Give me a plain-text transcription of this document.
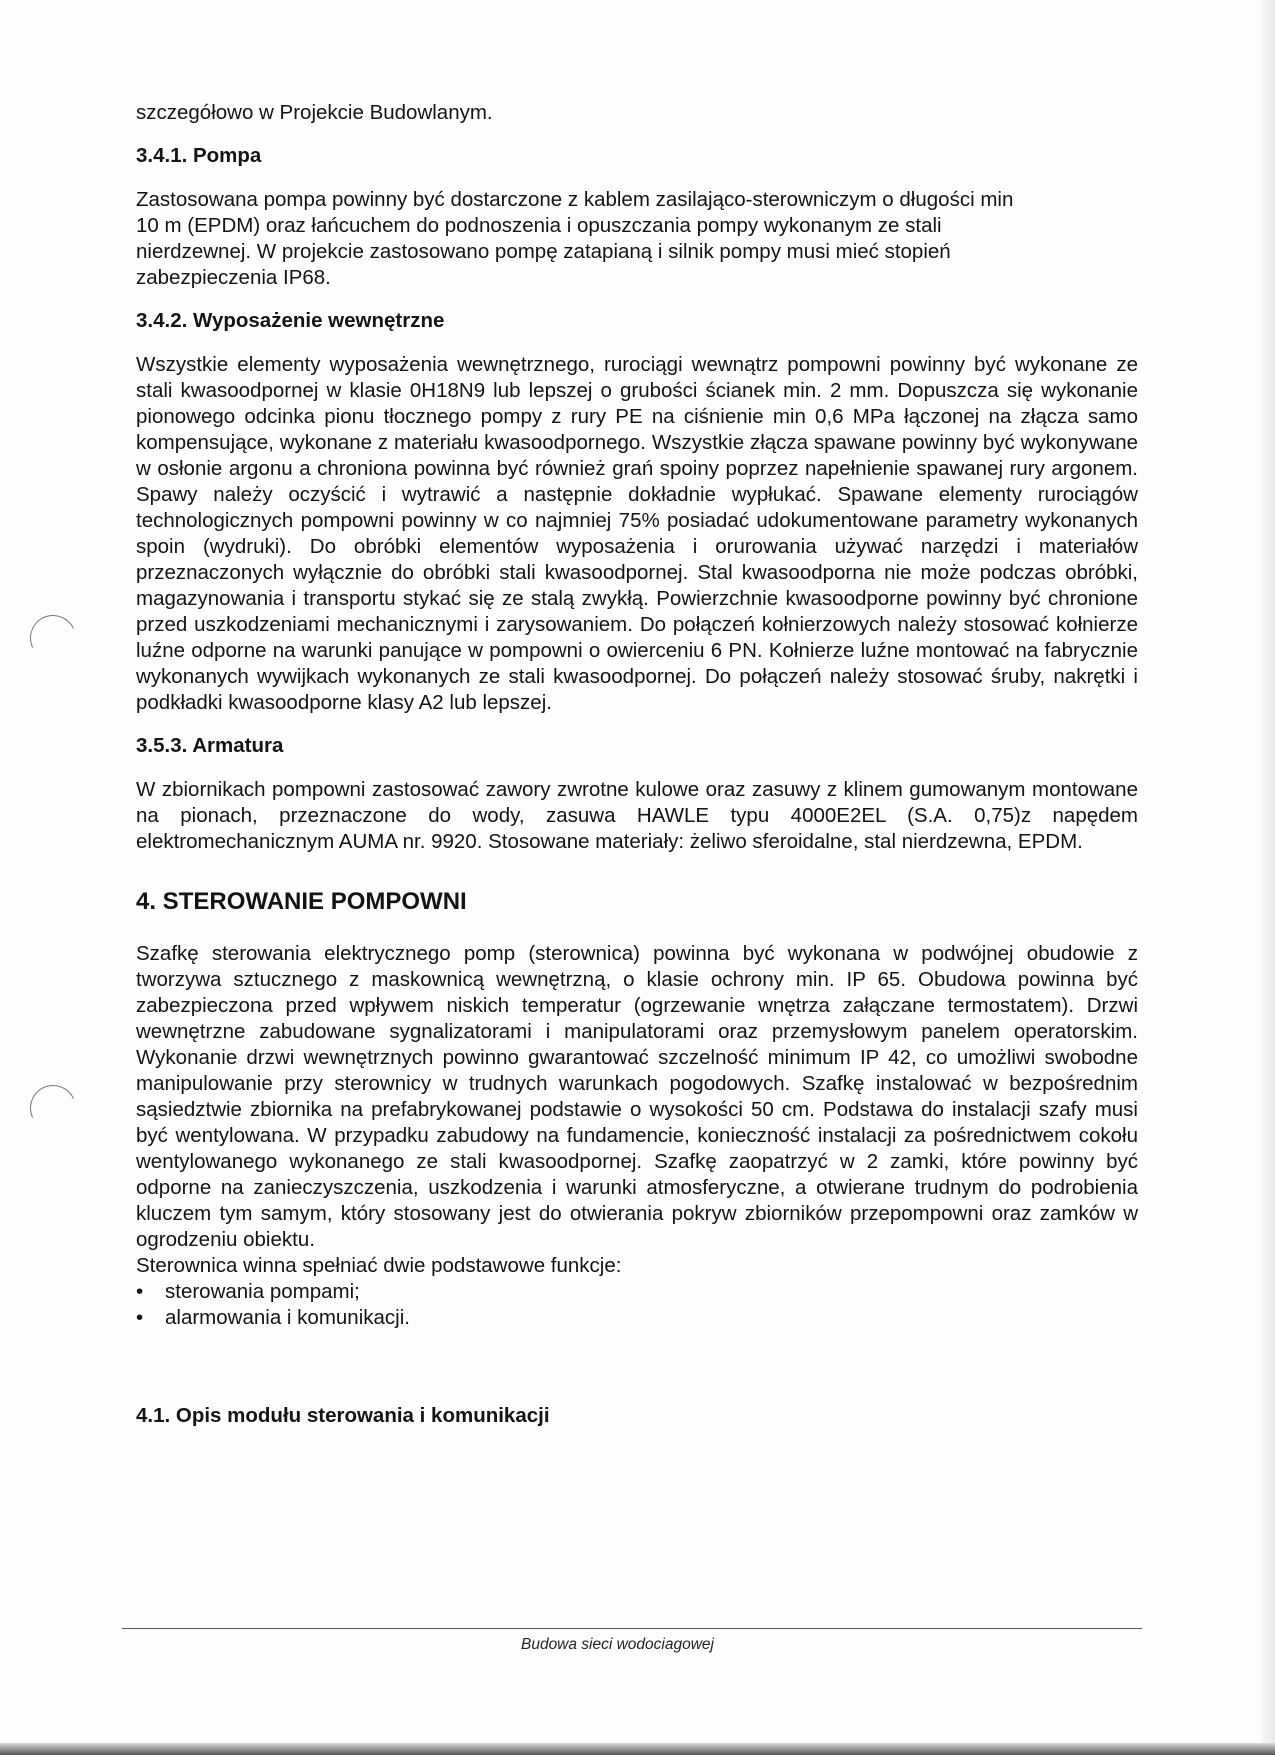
szczegółowo w Projekcie Budowlanym.

3.4.1. Pompa

Zastosowana pompa powinny być dostarczone z kablem zasilająco-sterowniczym o długości min

10 m (EPDM) oraz łańcuchem do podnoszenia i opuszczania pompy wykonanym ze stali

nierdzewnej. W projekcie zastosowano pompę zatapianą i silnik pompy musi mieć stopień

zabezpieczenia IP68.

3.4.2. Wyposażenie wewnętrzne

Wszystkie elementy wyposażenia wewnętrznego, rurociągi wewnątrz pompowni powinny być wykonane ze stali kwasoodpornej w klasie 0H18N9 lub lepszej o grubości ścianek min. 2 mm. Dopuszcza się wykonanie pionowego odcinka pionu tłocznego pompy z rury PE na ciśnienie min 0,6 MPa łączonej na złącza samo kompensujące, wykonane z materiału kwasoodpornego. Wszystkie złącza spawane powinny być wykonywane w osłonie argonu a chroniona powinna być również grań spoiny poprzez napełnienie spawanej rury argonem. Spawy należy oczyścić i wytrawić a następnie dokładnie wypłukać. Spawane elementy rurociągów technologicznych pompowni powinny w co najmniej 75% posiadać udokumentowane parametry wykonanych spoin (wydruki). Do obróbki elementów wyposażenia i orurowania używać narzędzi i materiałów przeznaczonych wyłącznie do obróbki stali kwasoodpornej. Stal kwasoodporna nie może podczas obróbki, magazynowania i transportu stykać się ze stalą zwykłą. Powierzchnie kwasoodporne powinny być chronione przed uszkodzeniami mechanicznymi i zarysowaniem. Do połączeń kołnierzowych należy stosować kołnierze luźne odporne na warunki panujące w pompowni o owierceniu 6 PN. Kołnierze luźne montować na fabrycznie wykonanych wywijkach wykonanych ze stali kwasoodpornej. Do połączeń należy stosować śruby, nakrętki i podkładki kwasoodporne klasy A2 lub lepszej.

3.5.3. Armatura

W zbiornikach pompowni zastosować zawory zwrotne kulowe oraz zasuwy z klinem gumowanym montowane na pionach, przeznaczone do wody, zasuwa HAWLE typu 4000E2EL (S.A. 0,75)z napędem elektromechanicznym AUMA nr. 9920. Stosowane materiały: żeliwo sferoidalne, stal nierdzewna, EPDM.

4. STEROWANIE POMPOWNI

Szafkę sterowania elektrycznego pomp (sterownica) powinna być wykonana w podwójnej obudowie z tworzywa sztucznego z maskownicą wewnętrzną, o klasie ochrony min. IP 65. Obudowa powinna być zabezpieczona przed wpływem niskich temperatur (ogrzewanie wnętrza załączane termostatem). Drzwi wewnętrzne zabudowane sygnalizatorami i manipulatorami oraz przemysłowym panelem operatorskim. Wykonanie drzwi wewnętrznych powinno gwarantować szczelność minimum IP 42, co umożliwi swobodne manipulowanie przy sterownicy w trudnych warunkach pogodowych. Szafkę instalować w bezpośrednim sąsiedztwie zbiornika na prefabrykowanej podstawie o wysokości 50 cm. Podstawa do instalacji szafy musi być wentylowana. W przypadku zabudowy na fundamencie, konieczność instalacji za pośrednictwem cokołu wentylowanego wykonanego ze stali kwasoodpornej. Szafkę zaopatrzyć w 2 zamki, które powinny być odporne na zanieczyszczenia, uszkodzenia i warunki atmosferyczne, a otwierane trudnym do podrobienia kluczem tym samym, który stosowany jest do otwierania pokryw zbiorników przepompowni oraz zamków w ogrodzeniu obiektu.

Sterownica winna spełniać dwie podstawowe funkcje:

• sterowania pompami;
• alarmowania i komunikacji.
4.1. Opis modułu sterowania i komunikacji
Budowa sieci wodociagowej
